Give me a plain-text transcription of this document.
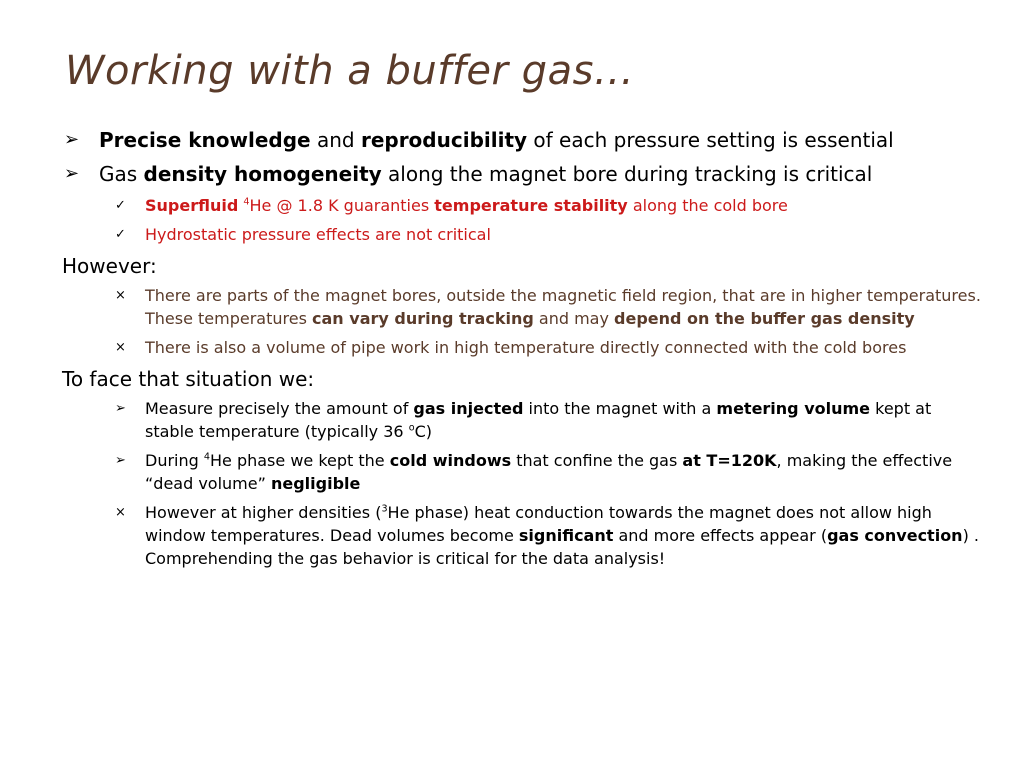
Working with a buffer gas…
➢ Precise knowledge and reproducibility of each pressure setting is essential
➢ Gas density homogeneity along the magnet bore during tracking is critical
✓ Superfluid $^4$He @ 1.8 K guaranties temperature stability along the cold bore
✓ Hydrostatic pressure effects are not critical
However:
× There are parts of the magnet bores, outside the magnetic field region, that are in higher temperatures. These temperatures can vary during tracking and may depend on the buffer gas density
× There is also a volume of pipe work in high temperature directly connected with the cold bores
To face that situation we:
➢ Measure precisely the amount of gas injected into the magnet with a metering volume kept at stable temperature (typically 36 $^o$C)
➢ During $^4$He phase we kept the cold windows that confine the gas at T=120K, making the effective “dead volume” negligible
× However at higher densities ($^3$He phase) heat conduction towards the magnet does not allow high window temperatures. Dead volumes become significant and more effects appear (gas convection) . Comprehending the gas behavior is critical for the data analysis!
